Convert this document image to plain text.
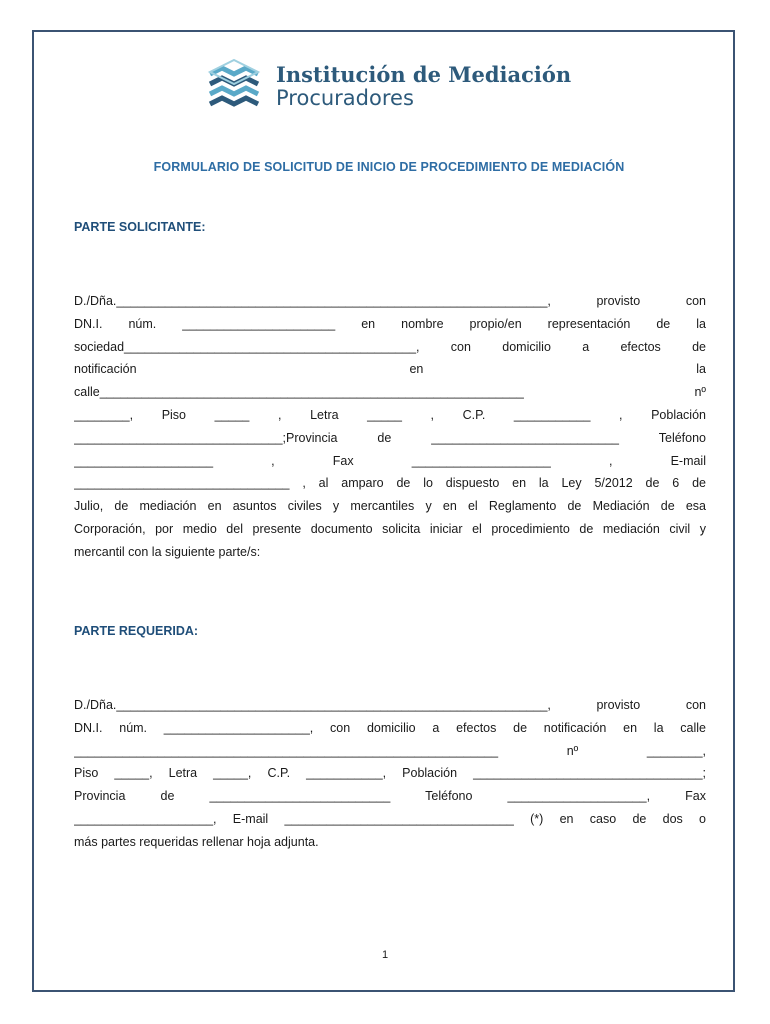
Institución de Mediación
Procuradores
FORMULARIO DE SOLICITUD DE INICIO DE PROCEDIMIENTO DE MEDIACIÓN
PARTE SOLICITANTE:
D./Dña.______________________________________________________________, provisto con
DN.I. núm. ______________________ en nombre propio/en representación de la
sociedad__________________________________________, con domicilio a efectos de
notificación en la
calle_____________________________________________________________ nº
________, Piso _____ , Letra _____ , C.P. ___________ , Población
______________________________;Provincia de ___________________________ Teléfono
____________________ , Fax ____________________ , E-mail
_______________________________ , al amparo de lo dispuesto en la Ley 5/2012 de 6 de
Julio, de mediación en asuntos civiles y mercantiles y en el Reglamento de Mediación de esa
Corporación, por medio del presente documento solicita iniciar el procedimiento de mediación civil y
mercantil con la siguiente parte/s:
PARTE REQUERIDA:
D./Dña.______________________________________________________________, provisto con
DN.I. núm. _____________________, con domicilio a efectos de notificación en la calle
_____________________________________________________________ nº ________,
Piso _____, Letra _____, C.P. ___________, Población _________________________________;
Provincia de __________________________ Teléfono ____________________, Fax
____________________, E-mail _________________________________ (*) en caso de dos o
más partes requeridas rellenar hoja adjunta.
1
